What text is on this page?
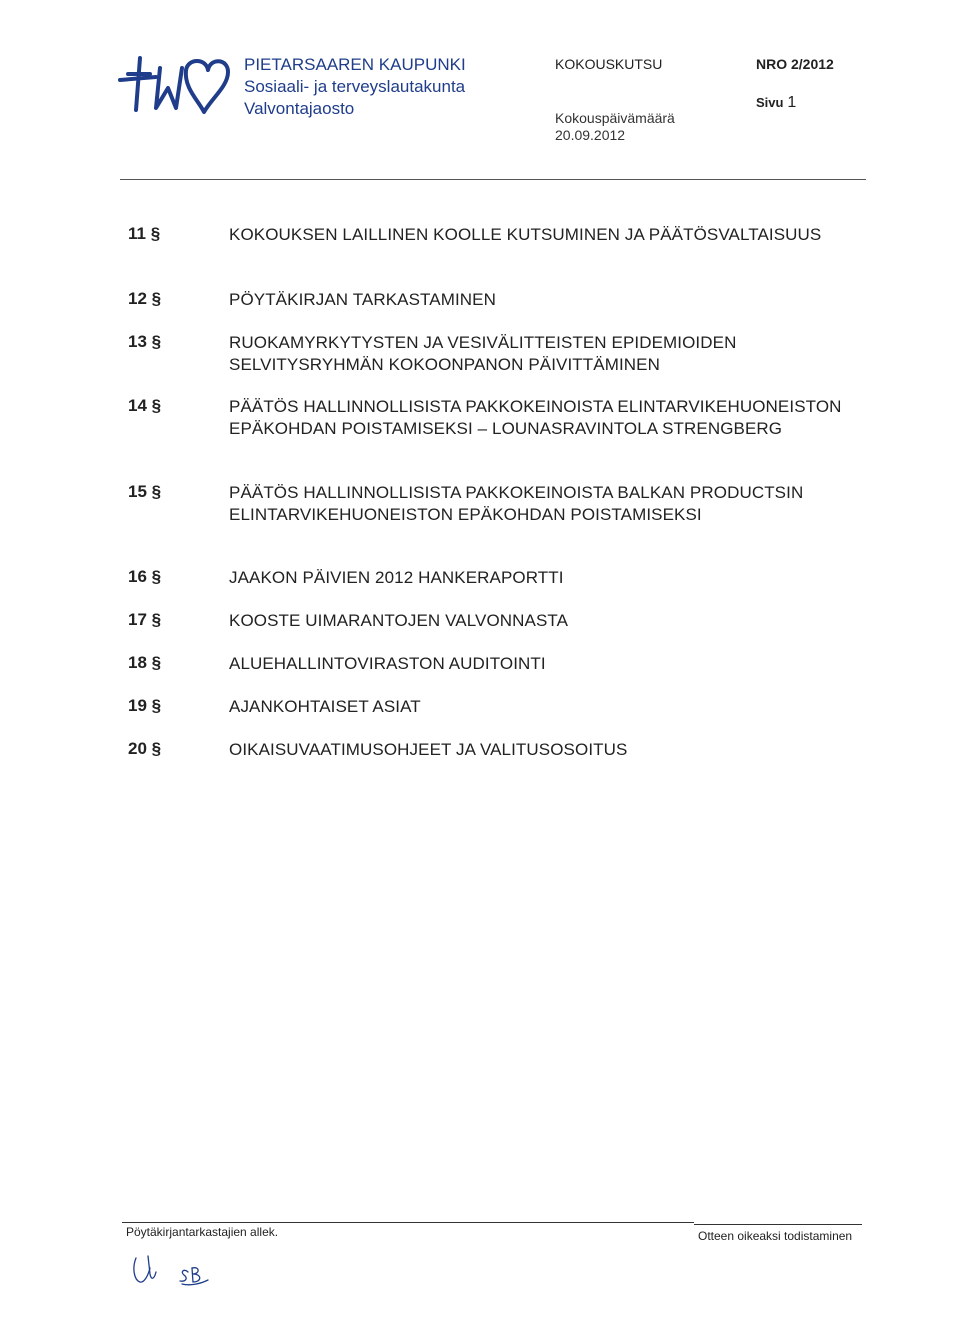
PIETARSAAREN KAUPUNKI
Sosiaali- ja terveyslautakunta
Valvontajaosto
KOKOUSKUTSU
Kokouspäivämäärä
20.09.2012
NRO 2/2012
Sivu 1
11 §	KOKOUKSEN LAILLINEN KOOLLE KUTSUMINEN JA PÄÄTÖSVALTAISUUS
12 §	PÖYTÄKIRJAN TARKASTAMINEN
13 §	RUOKAMYRKYTYSTEN JA VESIVÄLITTEISTEN EPIDEMIOIDEN SELVITYSRYHMÄN KOKOONPANON PÄIVITTÄMINEN
14 §	PÄÄTÖS HALLINNOLLISISTA PAKKOKEINOISTA ELINTARVIKEHUONEISTON EPÄKOHDAN POISTAMISEKSI – LOUNASRAVINTOLA STRENGBERG
15 §	PÄÄTÖS HALLINNOLLISISTA PAKKOKEINOISTA BALKAN PRODUCTSIN ELINTARVIKEHUONEISTON EPÄKOHDAN POISTAMISEKSI
16 §	JAAKON PÄIVIEN 2012 HANKERAPORTTI
17 §	KOOSTE UIMARANTOJEN VALVONNASTA
18 §	ALUEHALLINTOVIRASTON AUDITOINTI
19 §	AJANKOHTAISET ASIAT
20 §	OIKAISUVAATIMUSOHJEET JA VALITUSOSOITUS
Pöytäkirjantarkastajien allek.	Otteen oikeaksi todistaminen
